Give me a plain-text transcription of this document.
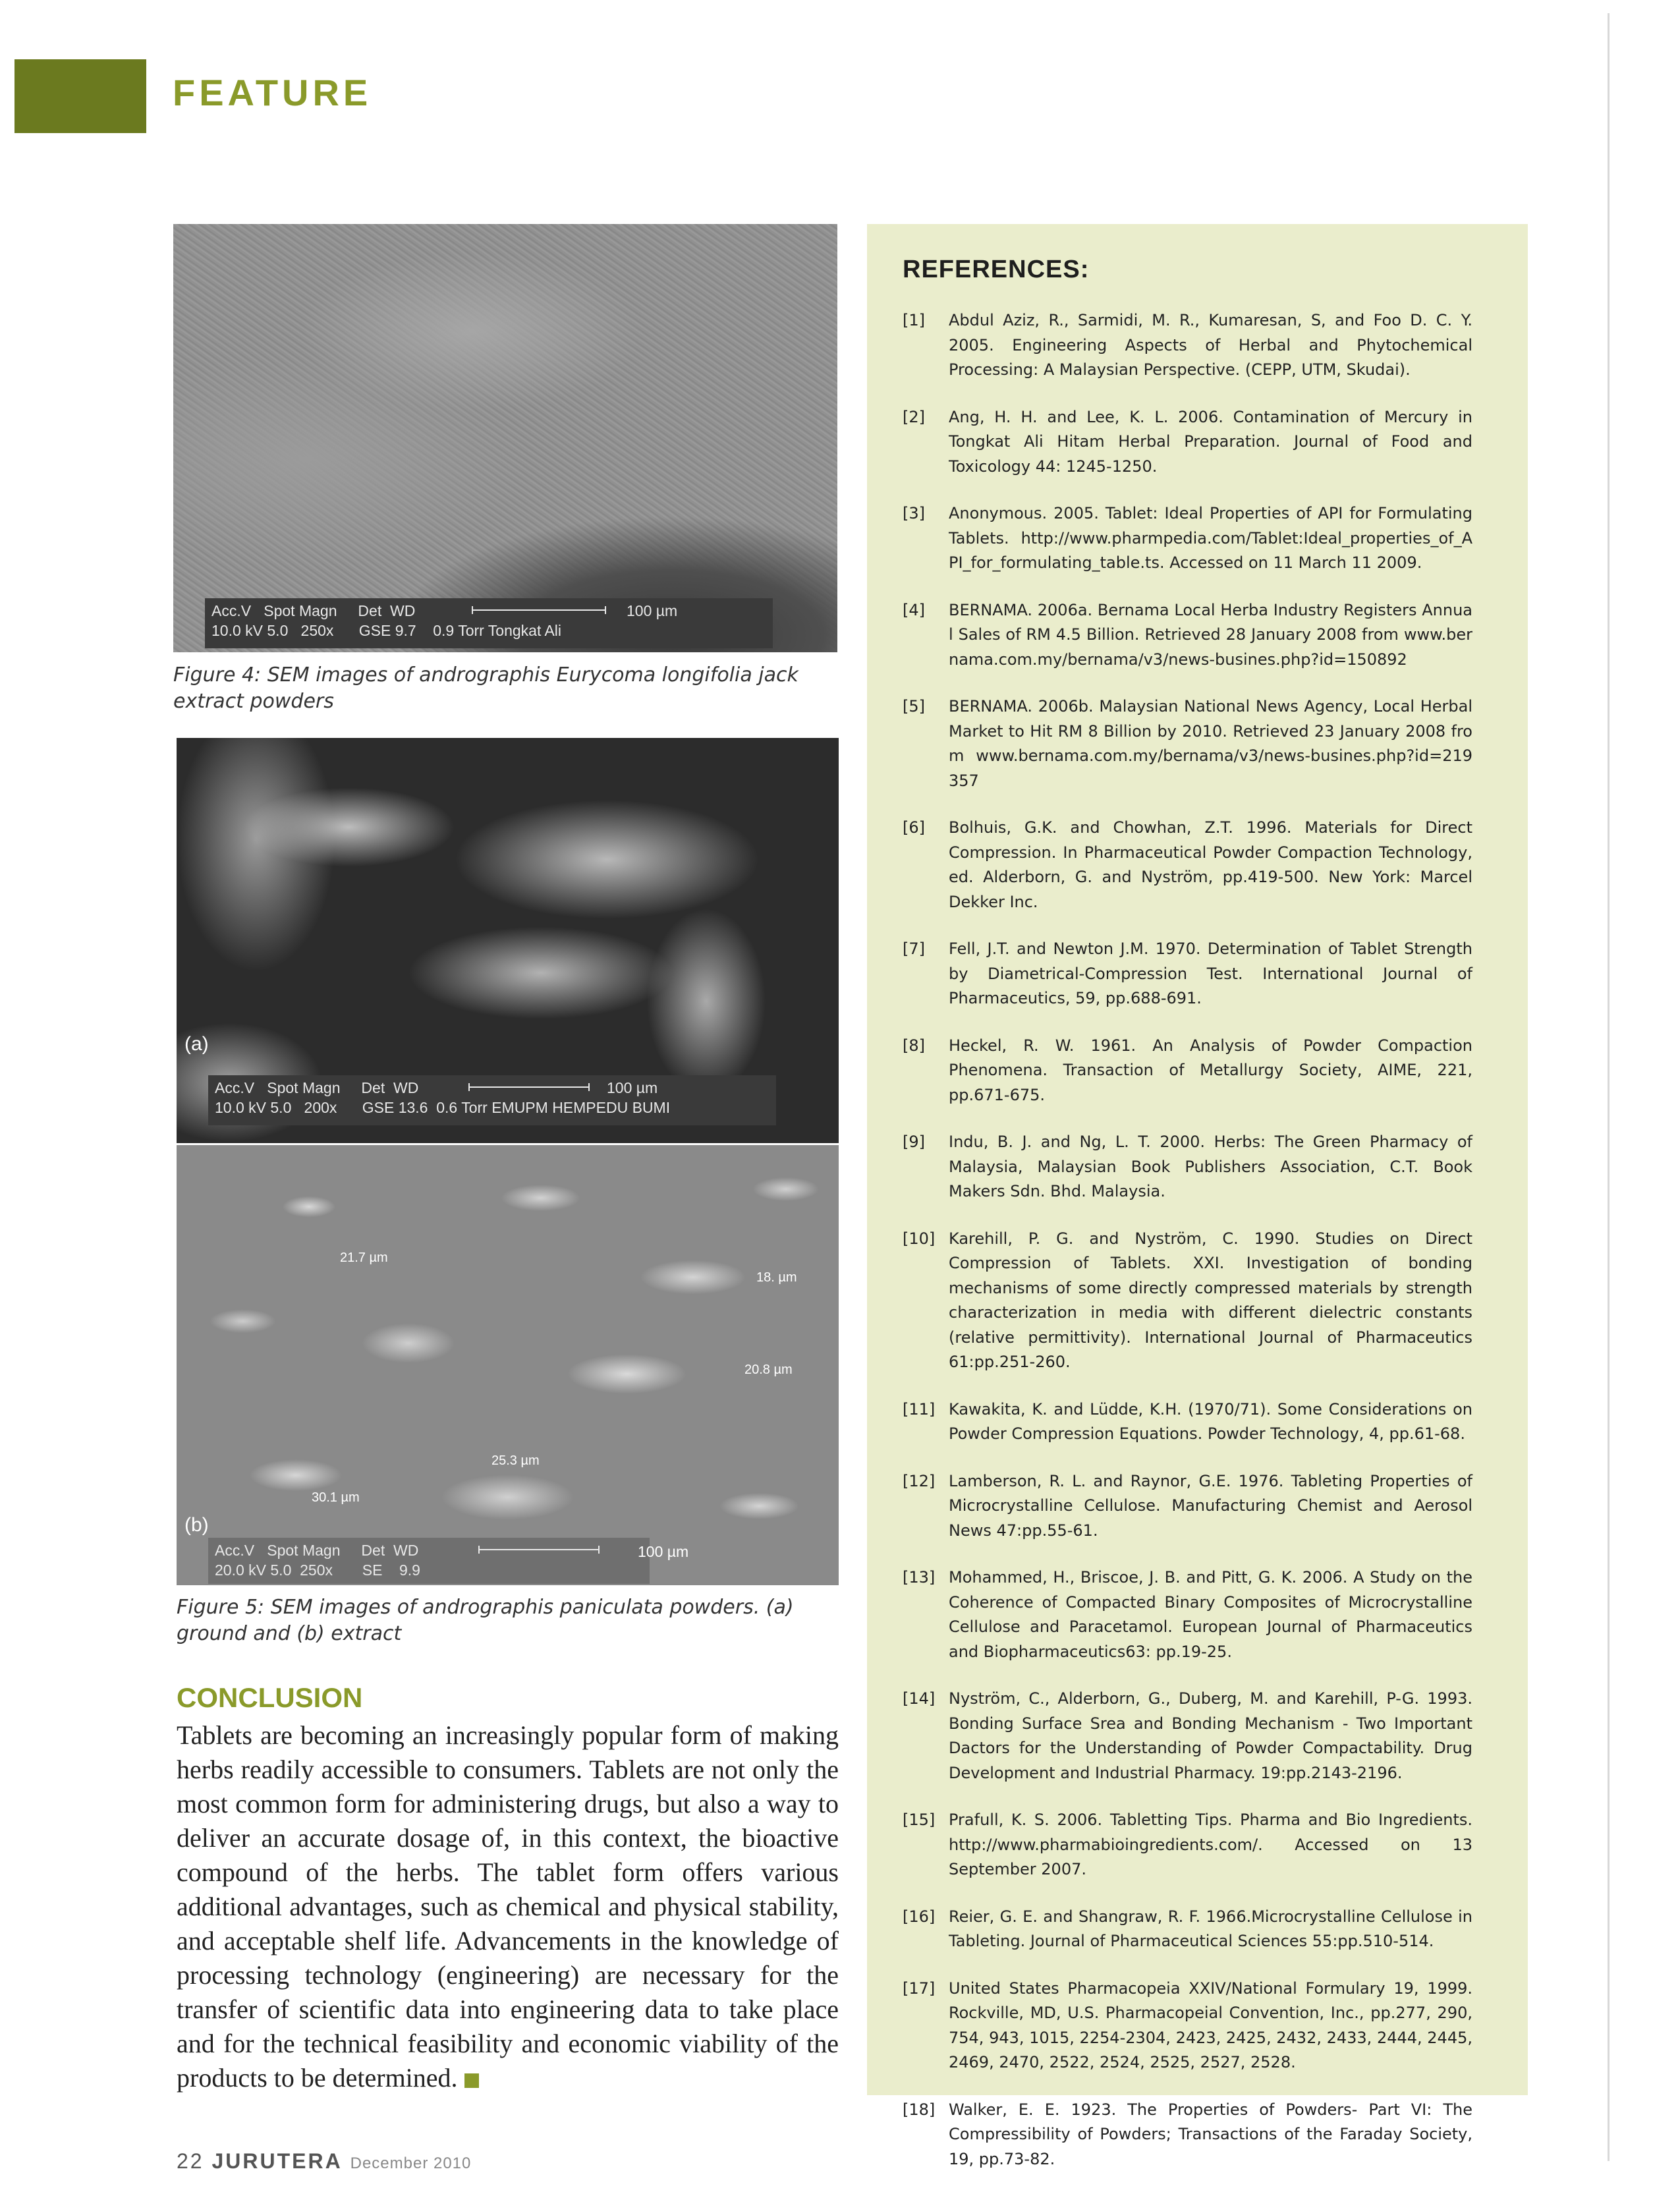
FEATURE
Acc.V   Spot Magn     Det  WD
10.0 kV 5.0   250x      GSE 9.7    0.9 Torr Tongkat Ali
100 µm
Figure 4: SEM images of andrographis Eurycoma longifolia jack extract powders
(a)
Acc.V   Spot Magn     Det  WD
10.0 kV 5.0   200x      GSE 13.6  0.6 Torr EMUPM HEMPEDU BUMI
100 µm
21.7 µm
18. µm
20.8 µm
25.3 µm
30.1 µm
(b)
Acc.V   Spot Magn     Det  WD
20.0 kV 5.0  250x       SE    9.9
100 µm
Figure 5: SEM images of andrographis paniculata powders. (a) ground and (b) extract
CONCLUSION
Tablets are becoming an increasingly popular form of making herbs readily accessible to consumers. Tablets are not only the most common form for administering drugs, but also a way to deliver an accurate dosage of, in this context, the bioactive compound of the herbs. The tablet form offers various additional advantages, such as chemical and physical stability, and acceptable shelf life. Advancements in the knowledge of processing technology (engineering) are necessary for the transfer of scientific data into engineering data to take place and for the technical feasibility and economic viability of the products to be determined.
REFERENCES:
[1] Abdul Aziz, R., Sarmidi, M. R., Kumaresan, S, and Foo D. C. Y. 2005. Engineering Aspects of Herbal and Phytochemical Processing: A Malaysian Perspective. (CEPP, UTM, Skudai).
[2] Ang, H. H. and Lee, K. L. 2006. Contamination of Mercury in Tongkat Ali Hitam Herbal Preparation. Journal of Food and Toxicology 44: 1245-1250.
[3] Anonymous. 2005. Tablet: Ideal Properties of API for Formulating Tablets. http://www.pharmpedia.com/Tablet:Ideal_properties_of_API_for_formulating_table.ts. Accessed on 11 March 11 2009.
[4] BERNAMA. 2006a. Bernama Local Herba Industry Registers Annual Sales of RM 4.5 Billion. Retrieved 28 January 2008 from www.bernama.com.my/bernama/v3/news-busines.php?id=150892
[5] BERNAMA. 2006b. Malaysian National News Agency, Local Herbal Market to Hit RM 8 Billion by 2010. Retrieved 23 January 2008 from www.bernama.com.my/bernama/v3/news-busines.php?id=219357
[6] Bolhuis, G.K. and Chowhan, Z.T. 1996. Materials for Direct Compression. In Pharmaceutical Powder Compaction Technology, ed. Alderborn, G. and Nyström, pp.419-500. New York: Marcel Dekker Inc.
[7] Fell, J.T. and Newton J.M. 1970. Determination of Tablet Strength by Diametrical-Compression Test. International Journal of Pharmaceutics, 59, pp.688-691.
[8] Heckel, R. W. 1961. An Analysis of Powder Compaction Phenomena. Transaction of Metallurgy Society, AIME, 221, pp.671-675.
[9] Indu, B. J. and Ng, L. T. 2000. Herbs: The Green Pharmacy of Malaysia, Malaysian Book Publishers Association, C.T. Book Makers Sdn. Bhd. Malaysia.
[10] Karehill, P. G. and Nyström, C. 1990. Studies on Direct Compression of Tablets. XXI. Investigation of bonding mechanisms of some directly compressed materials by strength characterization in media with different dielectric constants (relative permittivity). International Journal of Pharmaceutics 61:pp.251-260.
[11] Kawakita, K. and Lüdde, K.H. (1970/71). Some Considerations on Powder Compression Equations. Powder Technology, 4, pp.61-68.
[12] Lamberson, R. L. and Raynor, G.E. 1976. Tableting Properties of Microcrystalline Cellulose. Manufacturing Chemist and Aerosol News 47:pp.55-61.
[13] Mohammed, H., Briscoe, J. B. and Pitt, G. K. 2006. A Study on the Coherence of Compacted Binary Composites of Microcrystalline Cellulose and Paracetamol. European Journal of Pharmaceutics and Biopharmaceutics63: pp.19-25.
[14] Nyström, C., Alderborn, G., Duberg, M. and Karehill, P-G. 1993. Bonding Surface Srea and Bonding Mechanism - Two Important Dactors for the Understanding of Powder Compactability. Drug Development and Industrial Pharmacy. 19:pp.2143-2196.
[15] Prafull, K. S. 2006. Tabletting Tips. Pharma and Bio Ingredients. http://www.pharmabioingredients.com/. Accessed on 13 September 2007.
[16] Reier, G. E. and Shangraw, R. F. 1966.Microcrystalline Cellulose in Tableting. Journal of Pharmaceutical Sciences 55:pp.510-514.
[17] United States Pharmacopeia XXIV/National Formulary 19, 1999. Rockville, MD, U.S. Pharmacopeial Convention, Inc., pp.277, 290, 754, 943, 1015, 2254-2304, 2423, 2425, 2432, 2433, 2444, 2445, 2469, 2470, 2522, 2524, 2525, 2527, 2528.
[18] Walker, E. E. 1923. The Properties of Powders- Part VI: The Compressibility of Powders; Transactions of the Faraday Society, 19, pp.73-82.
22 JURUTERA December 2010
